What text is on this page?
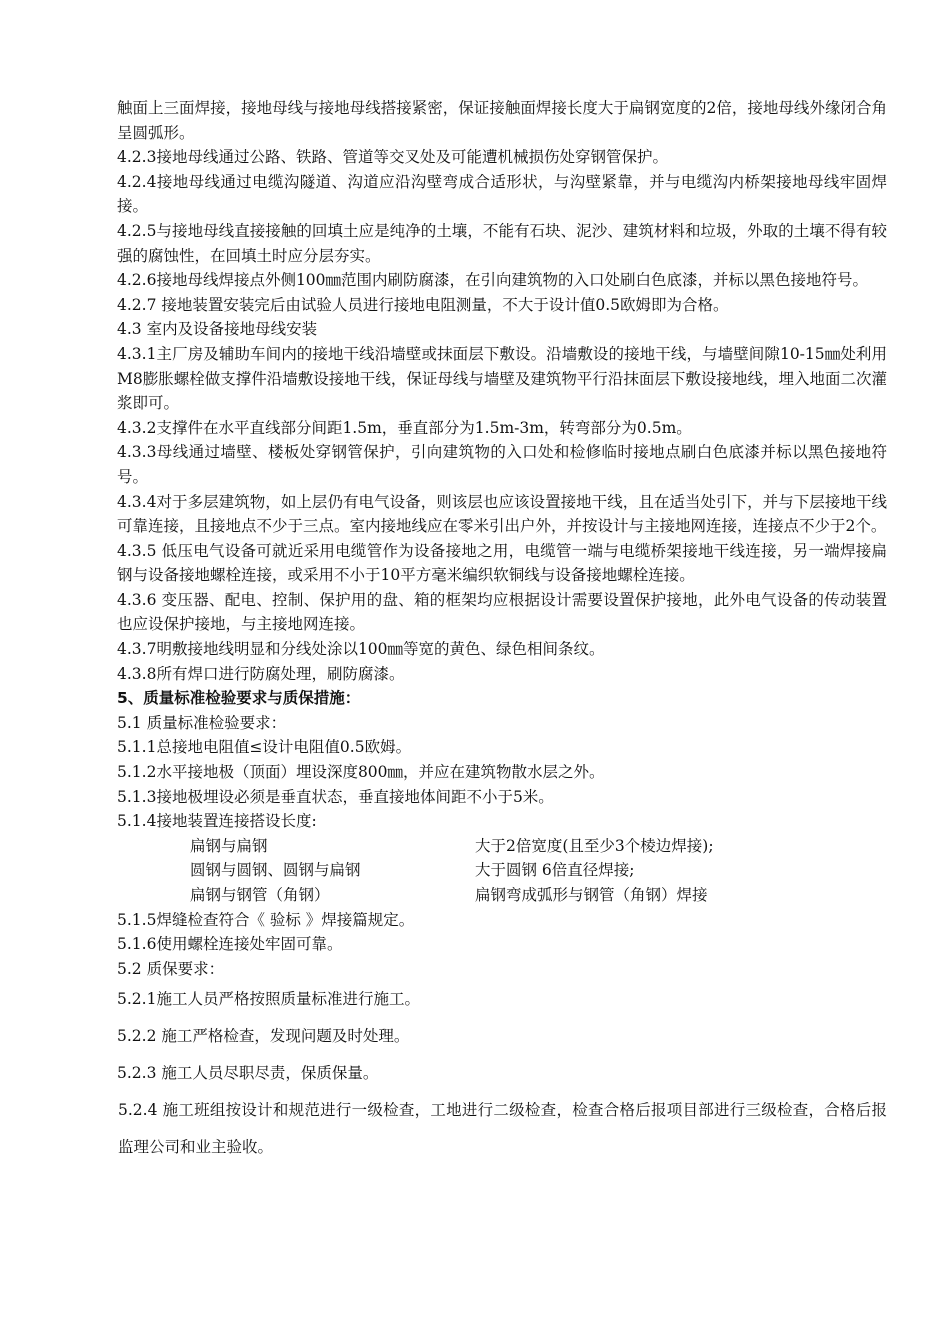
触面上三面焊接，接地母线与接地母线搭接紧密，保证接触面焊接长度大于扁钢宽度的2倍，接地母线外缘闭合角呈圆弧形。

4.2.3接地母线通过公路、铁路、管道等交叉处及可能遭机械损伤处穿钢管保护。

4.2.4接地母线通过电缆沟隧道、沟道应沿沟壁弯成合适形状，与沟壁紧靠，并与电缆沟内桥架接地母线牢固焊接。

4.2.5与接地母线直接接触的回填土应是纯净的土壤，不能有石块、泥沙、建筑材料和垃圾，外取的土壤不得有较强的腐蚀性，在回填土时应分层夯实。

4.2.6接地母线焊接点外侧100㎜范围内刷防腐漆，在引向建筑物的入口处刷白色底漆，并标以黑色接地符号。

4.2.7 接地装置安装完后由试验人员进行接地电阻测量，不大于设计值0.5欧姆即为合格。

4.3 室内及设备接地母线安装

4.3.1主厂房及辅助车间内的接地干线沿墙壁或抹面层下敷设。沿墙敷设的接地干线，与墙壁间隙10-15㎜处利用M8膨胀螺栓做支撑件沿墙敷设接地干线，保证母线与墙壁及建筑物平行沿抹面层下敷设接地线，埋入地面二次灌浆即可。

4.3.2支撑件在水平直线部分间距1.5m，垂直部分为1.5m-3m，转弯部分为0.5m。

4.3.3母线通过墙壁、楼板处穿钢管保护，引向建筑物的入口处和检修临时接地点刷白色底漆并标以黑色接地符号。

4.3.4对于多层建筑物，如上层仍有电气设备，则该层也应该设置接地干线，且在适当处引下，并与下层接地干线可靠连接，且接地点不少于三点。室内接地线应在零米引出户外，并按设计与主接地网连接，连接点不少于2个。

4.3.5 低压电气设备可就近采用电缆管作为设备接地之用，电缆管一端与电缆桥架接地干线连接，另一端焊接扁钢与设备接地螺栓连接，或采用不小于10平方毫米编织软铜线与设备接地螺栓连接。

4.3.6 变压器、配电、控制、保护用的盘、箱的框架均应根据设计需要设置保护接地，此外电气设备的传动装置也应设保护接地，与主接地网连接。

4.3.7明敷接地线明显和分线处涂以100㎜等宽的黄色、绿色相间条纹。

4.3.8所有焊口进行防腐处理，刷防腐漆。

5、质量标准检验要求与质保措施：

5.1 质量标准检验要求：

5.1.1总接地电阻值≤设计电阻值0.5欧姆。

5.1.2水平接地极（顶面）埋设深度800㎜，并应在建筑物散水层之外。

5.1.3接地极埋设必须是垂直状态，垂直接地体间距不小于5米。

5.1.4接地装置连接搭设长度:

扁钢与扁钢	大于2倍宽度(且至少3个棱边焊接);
圆钢与圆钢、圆钢与扁钢	大于圆钢 6倍直径焊接;
扁钢与钢管（角钢）	扁钢弯成弧形与钢管（角钢）焊接

5.1.5焊缝检查符合《 验标 》焊接篇规定。

5.1.6使用螺栓连接处牢固可靠。

5.2 质保要求：

5.2.1施工人员严格按照质量标准进行施工。

5.2.2 施工严格检查，发现问题及时处理。

5.2.3 施工人员尽职尽责，保质保量。

5.2.4 施工班组按设计和规范进行一级检查，工地进行二级检查，检查合格后报项目部进行三级检查，合格后报监理公司和业主验收。
